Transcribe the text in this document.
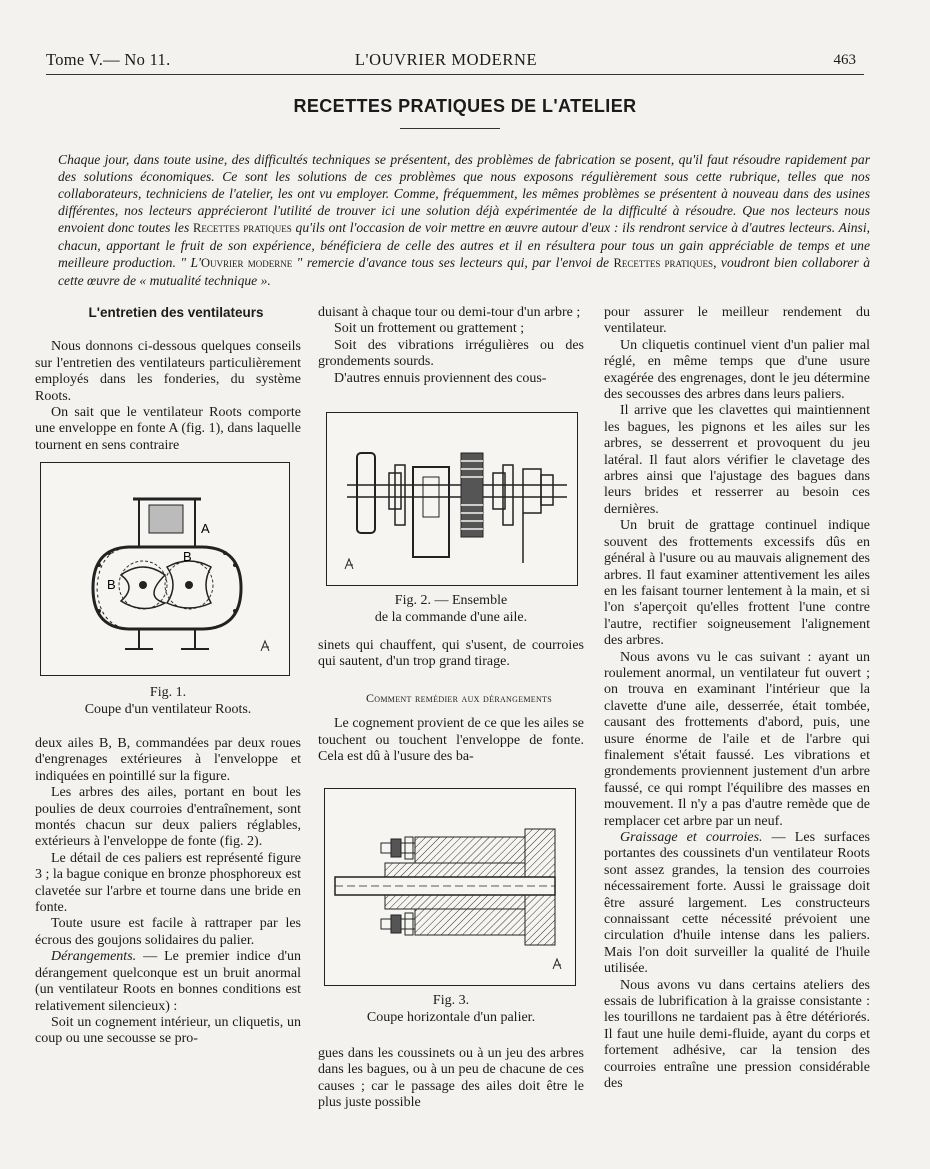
Tome V.— No 11.	L'OUVRIER MODERNE	463
RECETTES PRATIQUES DE L'ATELIER
Chaque jour, dans toute usine, des difficultés techniques se présentent, des problèmes de fabrication se posent, qu'il faut résoudre rapidement par des solutions économiques. Ce sont les solutions de ces problèmes que nous exposons régulièrement sous cette rubrique, telles que nos collaborateurs, techniciens de l'atelier, les ont vu employer. Comme, fréquemment, les mêmes problèmes se présentent à nouveau dans des usines différentes, nos lecteurs apprécieront l'utilité de trouver ici une solution déjà expérimentée de la difficulté à résoudre. Que nos lecteurs nous envoient donc toutes les Recettes pratiques qu'ils ont l'occasion de voir mettre en œuvre autour d'eux : ils rendront service à d'autres lecteurs. Ainsi, chacun, apportant le fruit de son expérience, bénéficiera de celle des autres et il en résultera pour tous un gain appréciable de temps et une meilleure production. " L'Ouvrier moderne " remercie d'avance tous ses lecteurs qui, par l'envoi de Recettes pratiques, voudront bien collaborer à cette œuvre de « mutualité technique ».

L'entretien des ventilateurs

Nous donnons ci-dessous quelques conseils sur l'entretien des ventilateurs particulièrement employés dans les fonderies, du système Roots.

On sait que le ventilateur Roots comporte une enveloppe en fonte A (fig. 1), dans laquelle tournent en sens contraire

A
B
B
Fig. 1.
Coupe d'un ventilateur Roots.

deux ailes B, B, commandées par deux roues d'engrenages extérieures à l'enveloppe et indiquées en pointillé sur la figure.

Les arbres des ailes, portant en bout les poulies de deux courroies d'entraînement, sont montés chacun sur deux paliers réglables, extérieurs à l'enveloppe de fonte (fig. 2).

Le détail de ces paliers est représenté figure 3 ; la bague conique en bronze phosphoreux est clavetée sur l'arbre et tourne dans une bride en fonte.

Toute usure est facile à rattraper par les écrous des goujons solidaires du palier.

Dérangements. — Le premier indice d'un dérangement quelconque est un bruit anormal (un ventilateur Roots en bonnes conditions est relativement silencieux) :

Soit un cognement intérieur, un cliquetis, un coup ou une secousse se pro-

duisant à chaque tour ou demi-tour d'un arbre ;

Soit un frottement ou grattement ;

Soit des vibrations irrégulières ou des grondements sourds.

D'autres ennuis proviennent des cous-

Fig. 2. — Ensemble
de la commande d'une aile.

sinets qui chauffent, qui s'usent, de courroies qui sautent, d'un trop grand tirage.

Comment remédier aux dérangements

Le cognement provient de ce que les ailes se touchent ou touchent l'enveloppe de fonte. Cela est dû à l'usure des ba-

Fig. 3.
Coupe horizontale d'un palier.

gues dans les coussinets ou à un jeu des arbres dans les bagues, ou à un peu de chacune de ces causes ; car le passage des ailes doit être le plus juste possible

pour assurer le meilleur rendement du ventilateur.

Un cliquetis continuel vient d'un palier mal réglé, en même temps que d'une usure exagérée des engrenages, dont le jeu détermine des secousses des arbres dans leurs paliers.

Il arrive que les clavettes qui maintiennent les bagues, les pignons et les ailes sur les arbres, se desserrent et provoquent du jeu latéral. Il faut alors vérifier le clavetage des arbres ainsi que l'ajustage des bagues dans leurs brides et resserrer au besoin ces dernières.

Un bruit de grattage continuel indique souvent des frottements excessifs dûs en général à l'usure ou au mauvais alignement des arbres. Il faut examiner attentivement les ailes en les faisant tourner lentement à la main, et si l'on s'aperçoit qu'elles frottent l'une contre l'autre, rectifier soigneusement l'alignement des arbres.

Nous avons vu le cas suivant : ayant un roulement anormal, un ventilateur fut ouvert ; on trouva en examinant l'intérieur que la clavette d'une aile, desserrée, était tombée, causant des frottements d'abord, puis, une usure énorme de l'aile et de l'arbre qui finalement s'était faussé. Les vibrations et grondements proviennent justement d'un arbre faussé, ce qui rompt l'équilibre des masses en mouvement. Il n'y a pas d'autre remède que de remplacer cet arbre par un neuf.

Graissage et courroies. — Les surfaces portantes des coussinets d'un ventilateur Roots sont assez grandes, la tension des courroies nécessairement forte. Aussi le graissage doit être assuré largement. Les constructeurs connaissant cette nécessité prévoient une circulation d'huile intense dans les paliers. Mais l'on doit surveiller la qualité de l'huile utilisée.

Nous avons vu dans certains ateliers des essais de lubrification à la graisse consistante : les tourillons ne tardaient pas à être détériorés. Il faut une huile demi-fluide, ayant du corps et fortement adhésive, car la tension des courroies entraîne une pression considérable des
